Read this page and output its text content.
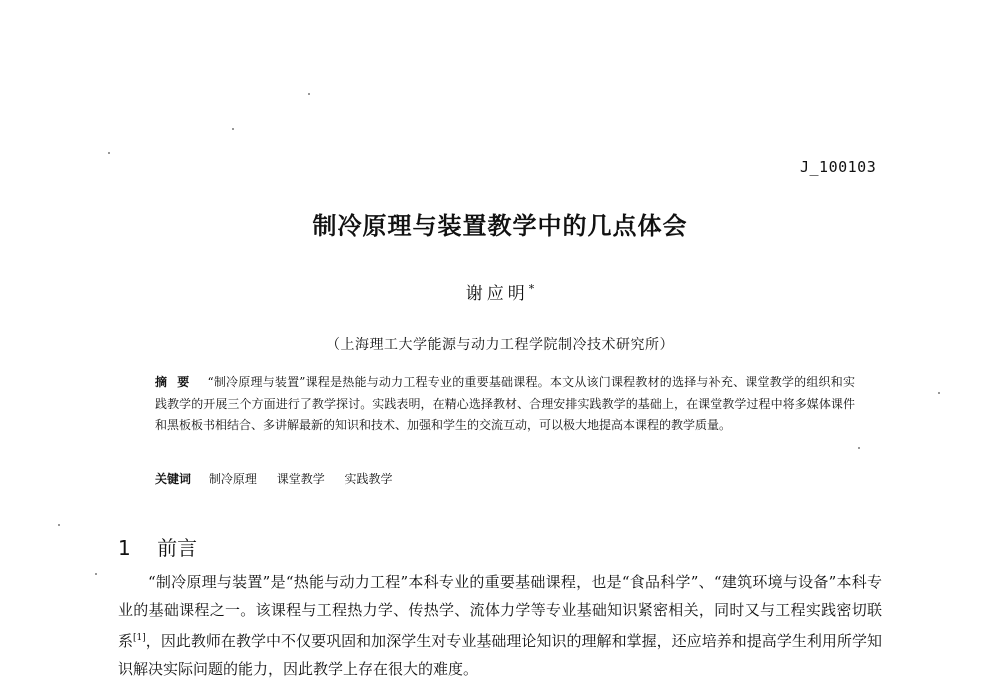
J_100103
制冷原理与装置教学中的几点体会
谢应明*
（上海理工大学能源与动力工程学院制冷技术研究所）
摘要 “制冷原理与装置”课程是热能与动力工程专业的重要基础课程。本文从该门课程教材的选择与补充、课堂教学的组织和实践教学的开展三个方面进行了教学探讨。实践表明，在精心选择教材、合理安排实践教学的基础上，在课堂教学过程中将多媒体课件和黑板板书相结合、多讲解最新的知识和技术、加强和学生的交流互动，可以极大地提高本课程的教学质量。
关键词 制冷原理 课堂教学 实践教学
1 前言
“制冷原理与装置”是“热能与动力工程”本科专业的重要基础课程，也是“食品科学”、“建筑环境与设备”本科专业的基础课程之一。该课程与工程热力学、传热学、流体力学等专业基础知识紧密相关，同时又与工程实践密切联系[1]，因此教师在教学中不仅要巩固和加深学生对专业基础理论知识的理解和掌握，还应培养和提高学生利用所学知识解决实际问题的能力，因此教学上存在很大的难度。
